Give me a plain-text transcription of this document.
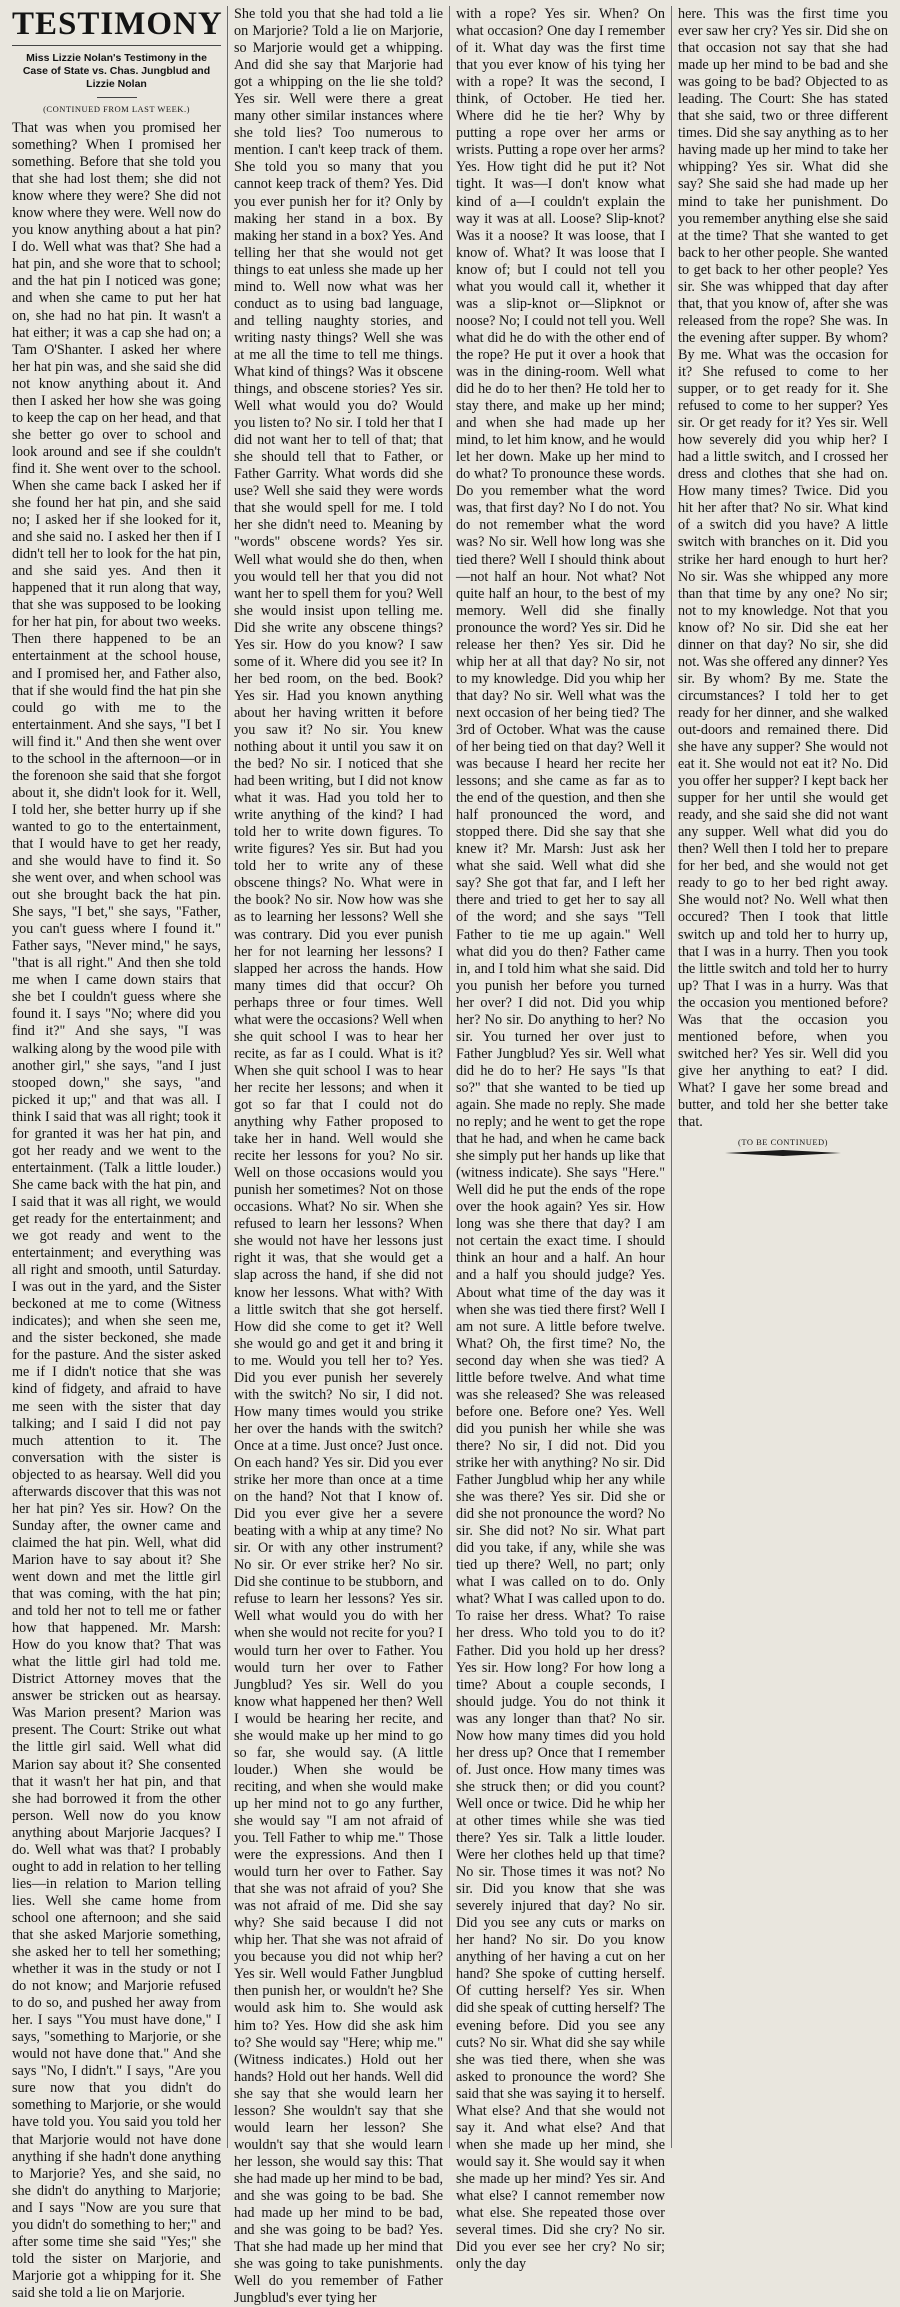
TESTIMONY
Miss Lizzie Nolan's Testimony in the Case of State vs. Chas. Jungblud and Lizzie Nolan
(CONTINUED FROM LAST WEEK.)

That was when you promised her something? When I promised her something. Before that she told you that she had lost them; she did not know where they were? She did not know where they were. Well now do you know anything about a hat pin? I do. Well what was that? She had a hat pin, and she wore that to school; and the hat pin I noticed was gone; and when she came to put her hat on, she had no hat pin. It wasn't a hat either; it was a cap she had on; a Tam O'Shanter. I asked her where her hat pin was, and she said she did not know anything about it. And then I asked her how she was going to keep the cap on her head, and that she better go over to school and look around and see if she couldn't find it. She went over to the school. When she came back I asked her if she found her hat pin, and she said no; I asked her if she looked for it, and she said no. I asked her then if I didn't tell her to look for the hat pin, and she said yes. And then it happened that it run along that way, that she was supposed to be looking for her hat pin, for about two weeks. Then there happened to be an entertainment at the school house, and I promised her, and Father also, that if she would find the hat pin she could go with me to the entertainment. And she says, "I bet I will find it." And then she went over to the school in the afternoon—or in the forenoon she said that she forgot about it, she didn't look for it. Well, I told her, she better hurry up if she wanted to go to the entertainment, that I would have to get her ready, and she would have to find it. So she went over, and when school was out she brought back the hat pin. She says, "I bet," she says, "Father, you can't guess where I found it." Father says, "Never mind," he says, "that is all right." And then she told me when I came down stairs that she bet I couldn't guess where she found it. I says "No; where did you find it?" And she says, "I was walking along by the wood pile with another girl," she says, "and I just stooped down," she says, "and picked it up;" and that was all. I think I said that was all right; took it for granted it was her hat pin, and got her ready and we went to the entertainment. (Talk a little louder.) She came back with the hat pin, and I said that it was all right, we would get ready for the entertainment; and we got ready and went to the entertainment; and everything was all right and smooth, until Saturday. I was out in the yard, and the Sister beckoned at me to come (Witness indicates); and when she seen me, and the sister beckoned, she made for the pasture. And the sister asked me if I didn't notice that she was kind of fidgety, and afraid to have me seen with the sister that day talking; and I said I did not pay much attention to it. The conversation with the sister is objected to as hearsay. Well did you afterwards discover that this was not her hat pin? Yes sir. How? On the Sunday after, the owner came and claimed the hat pin. Well, what did Marion have to say about it? She went down and met the little girl that was coming, with the hat pin; and told her not to tell me or father how that happened. Mr. Marsh: How do you know that? That was what the little girl had told me. District Attorney moves that the answer be stricken out as hearsay. Was Marion present? Marion was present. The Court: Strike out what the little girl said. Well what did Marion say about it? She consented that it wasn't her hat pin, and that she had borrowed it from the other person. Well now do you know anything about Marjorie Jacques? I do. Well what was that? I probably ought to add in relation to her telling lies—in relation to Marion telling lies. Well she came home from school one afternoon; and she said that she asked Marjorie something, she asked her to tell her something; whether it was in the study or not I do not know; and Marjorie refused to do so, and pushed her away from her. I says "You must have done," I says, "something to Marjorie, or she would not have done that." And she says "No, I didn't." I says, "Are you sure now that you didn't do something to Marjorie, or she would have told you. You said you told her that Marjorie would not have done anything if she hadn't done anything to Marjorie? Yes, and she said, no she didn't do anything to Marjorie; and I says "Now are you sure that you didn't do something to her;" and after some time she said "Yes;" she told the sister on Marjorie, and Marjorie got a whipping for it. She said she told a lie on Marjorie.

She told you that she had told a lie on Marjorie? Told a lie on Marjorie, so Marjorie would get a whipping. And did she say that Marjorie had got a whipping on the lie she told? Yes sir. Well were there a great many other similar instances where she told lies? Too numerous to mention. I can't keep track of them. She told you so many that you cannot keep track of them? Yes. Did you ever punish her for it? Only by making her stand in a box. By making her stand in a box? Yes. And telling her that she would not get things to eat unless she made up her mind to. Well now what was her conduct as to using bad language, and telling naughty stories, and writing nasty things? Well she was at me all the time to tell me things. What kind of things? Was it obscene things, and obscene stories? Yes sir. Well what would you do? Would you listen to? No sir. I told her that I did not want her to tell of that; that she should tell that to Father, or Father Garrity. What words did she use? Well she said they were words that she would spell for me. I told her she didn't need to. Meaning by "words" obscene words? Yes sir. Well what would she do then, when you would tell her that you did not want her to spell them for you? Well she would insist upon telling me. Did she write any obscene things? Yes sir. How do you know? I saw some of it. Where did you see it? In her bed room, on the bed. Book? Yes sir. Had you known anything about her having written it before you saw it? No sir. You knew nothing about it until you saw it on the bed? No sir. I noticed that she had been writing, but I did not know what it was. Had you told her to write anything of the kind? I had told her to write down figures. To write figures? Yes sir. But had you told her to write any of these obscene things? No. What were in the book? No sir. Now how was she as to learning her lessons? Well she was contrary. Did you ever punish her for not learning her lessons? I slapped her across the hands. How many times did that occur? Oh perhaps three or four times. Well what were the occasions? Well when she quit school I was to hear her recite, as far as I could. What is it? When she quit school I was to hear her recite her lessons; and when it got so far that I could not do anything why Father proposed to take her in hand. Well would she recite her lessons for you? No sir. Well on those occasions would you punish her sometimes? Not on those occasions. What? No sir. When she refused to learn her lessons? When she would not have her lessons just right it was, that she would get a slap across the hand, if she did not know her lessons. What with? With a little switch that she got herself. How did she come to get it? Well she would go and get it and bring it to me. Would you tell her to? Yes. Did you ever punish her severely with the switch? No sir, I did not. How many times would you strike her over the hands with the switch? Once at a time. Just once? Just once. On each hand? Yes sir. Did you ever strike her more than once at a time on the hand? Not that I know of. Did you ever give her a severe beating with a whip at any time? No sir. Or with any other instrument? No sir. Or ever strike her? No sir. Did she continue to be stubborn, and refuse to learn her lessons? Yes sir. Well what would you do with her when she would not recite for you? I would turn her over to Father. You would turn her over to Father Jungblud? Yes sir. Well do you know what happened her then? Well I would be hearing her recite, and she would make up her mind to go so far, she would say. (A little louder.) When she would be reciting, and when she would make up her mind not to go any further, she would say "I am not afraid of you. Tell Father to whip me." Those were the expressions. And then I would turn her over to Father. Say that she was not afraid of you? She was not afraid of me. Did she say why? She said because I did not whip her. That she was not afraid of you because you did not whip her? Yes sir. Well would Father Jungblud then punish her, or wouldn't he? She would ask him to. She would ask him to? Yes. How did she ask him to? She would say "Here; whip me." (Witness indicates.) Hold out her hands? Hold out her hands. Well did she say that she would learn her lesson? She wouldn't say that she would learn her lesson? She wouldn't say that she would learn her lesson, she would say this: That she had made up her mind to be bad, and she was going to be bad. She had made up her mind to be bad, and she was going to be bad? Yes. That she had made up her mind that she was going to take punishments. Well do you remember of Father Jungblud's ever tying her

with a rope? Yes sir. When? On what occasion? One day I remember of it. What day was the first time that you ever know of his tying her with a rope? It was the second, I think, of October. He tied her. Where did he tie her? Why by putting a rope over her arms or wrists. Putting a rope over her arms? Yes. How tight did he put it? Not tight. It was—I don't know what kind of a—I couldn't explain the way it was at all. Loose? Slip-knot? Was it a noose? It was loose, that I know of. What? It was loose that I know of; but I could not tell you what you would call it, whether it was a slip-knot or—Slipknot or noose? No; I could not tell you. Well what did he do with the other end of the rope? He put it over a hook that was in the dining-room. Well what did he do to her then? He told her to stay there, and make up her mind; and when she had made up her mind, to let him know, and he would let her down. Make up her mind to do what? To pronounce these words. Do you remember what the word was, that first day? No I do not. You do not remember what the word was? No sir. Well how long was she tied there? Well I should think about—not half an hour. Not what? Not quite half an hour, to the best of my memory. Well did she finally pronounce the word? Yes sir. Did he release her then? Yes sir. Did he whip her at all that day? No sir, not to my knowledge. Did you whip her that day? No sir. Well what was the next occasion of her being tied? The 3rd of October. What was the cause of her being tied on that day? Well it was because I heard her recite her lessons; and she came as far as to the end of the question, and then she half pronounced the word, and stopped there. Did she say that she knew it? Mr. Marsh: Just ask her what she said. Well what did she say? She got that far, and I left her there and tried to get her to say all of the word; and she says "Tell Father to tie me up again." Well what did you do then? Father came in, and I told him what she said. Did you punish her before you turned her over? I did not. Did you whip her? No sir. Do anything to her? No sir. You turned her over just to Father Jungblud? Yes sir. Well what did he do to her? He says "Is that so?" that she wanted to be tied up again. She made no reply. She made no reply; and he went to get the rope that he had, and when he came back she simply put her hands up like that (witness indicate). She says "Here." Well did he put the ends of the rope over the hook again? Yes sir. How long was she there that day? I am not certain the exact time. I should think an hour and a half. An hour and a half you should judge? Yes. About what time of the day was it when she was tied there first? Well I am not sure. A little before twelve. What? Oh, the first time? No, the second day when she was tied? A little before twelve. And what time was she released? She was released before one. Before one? Yes. Well did you punish her while she was there? No sir, I did not. Did you strike her with anything? No sir. Did Father Jungblud whip her any while she was there? Yes sir. Did she or did she not pronounce the word? No sir. She did not? No sir. What part did you take, if any, while she was tied up there? Well, no part; only what I was called on to do. Only what? What I was called upon to do. To raise her dress. What? To raise her dress. Who told you to do it? Father. Did you hold up her dress? Yes sir. How long? For how long a time? About a couple seconds, I should judge. You do not think it was any longer than that? No sir. Now how many times did you hold her dress up? Once that I remember of. Just once. How many times was she struck then; or did you count? Well once or twice. Did he whip her at other times while she was tied there? Yes sir. Talk a little louder. Were her clothes held up that time? No sir. Those times it was not? No sir. Did you know that she was severely injured that day? No sir. Did you see any cuts or marks on her hand? No sir. Do you know anything of her having a cut on her hand? She spoke of cutting herself. Of cutting herself? Yes sir. When did she speak of cutting herself? The evening before. Did you see any cuts? No sir. What did she say while she was tied there, when she was asked to pronounce the word? She said that she was saying it to herself. What else? And that she would not say it. And what else? And that when she made up her mind, she would say it. She would say it when she made up her mind? Yes sir. And what else? I cannot remember now what else. She repeated those over several times. Did she cry? No sir. Did you ever see her cry? No sir; only the day

here. This was the first time you ever saw her cry? Yes sir. Did she on that occasion not say that she had made up her mind to be bad and she was going to be bad? Objected to as leading. The Court: She has stated that she said, two or three different times. Did she say anything as to her having made up her mind to take her whipping? Yes sir. What did she say? She said she had made up her mind to take her punishment. Do you remember anything else she said at the time? That she wanted to get back to her other people. She wanted to get back to her other people? Yes sir. She was whipped that day after that, that you know of, after she was released from the rope? She was. In the evening after supper. By whom? By me. What was the occasion for it? She refused to come to her supper, or to get ready for it. She refused to come to her supper? Yes sir. Or get ready for it? Yes sir. Well how severely did you whip her? I had a little switch, and I crossed her dress and clothes that she had on. How many times? Twice. Did you hit her after that? No sir. What kind of a switch did you have? A little switch with branches on it. Did you strike her hard enough to hurt her? No sir. Was she whipped any more than that time by any one? No sir; not to my knowledge. Not that you know of? No sir. Did she eat her dinner on that day? No sir, she did not. Was she offered any dinner? Yes sir. By whom? By me. State the circumstances? I told her to get ready for her dinner, and she walked out-doors and remained there. Did she have any supper? She would not eat it. She would not eat it? No. Did you offer her supper? I kept back her supper for her until she would get ready, and she said she did not want any supper. Well what did you do then? Well then I told her to prepare for her bed, and she would not get ready to go to her bed right away. She would not? No. Well what then occured? Then I took that little switch up and told her to hurry up, that I was in a hurry. Then you took the little switch and told her to hurry up? That I was in a hurry. Was that the occasion you mentioned before? Was that the occasion you mentioned before, when you switched her? Yes sir. Well did you give her anything to eat? I did. What? I gave her some bread and butter, and told her she better take that.

(TO BE CONTINUED)
